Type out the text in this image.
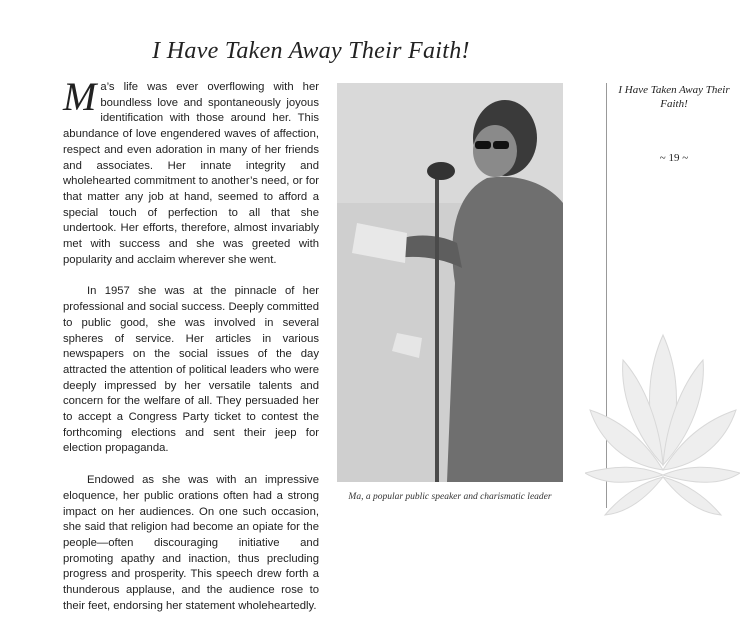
I Have Taken Away Their Faith!

Ma’s life was ever overflowing with her boundless love and spontaneously joyous identification with those around her. This abundance of love engendered waves of affection, respect and even adoration in many of her friends and associates. Her innate integrity and wholehearted commitment to another’s need, or for that matter any job at hand, seemed to afford a special touch of perfection to all that she undertook. Her efforts, therefore, almost invariably met with success and she was greeted with popularity and acclaim wherever she went.

In 1957 she was at the pinnacle of her professional and social success. Deeply committed to public good, she was involved in several spheres of service. Her articles in various newspapers on the social issues of the day attracted the attention of political leaders who were deeply impressed by her versatile talents and concern for the welfare of all. They persuaded her to accept a Congress Party ticket to contest the forthcoming elections and sent their jeep for election propaganda.

Endowed as she was with an impressive eloquence, her public orations often had a strong impact on her audiences. On one such occasion, she said that religion had become an opiate for the people—often discouraging initiative and promoting apathy and inaction, thus precluding progress and prosperity. This speech drew forth a thunderous applause, and the audience rose to their feet, endorsing her statement wholeheartedly.

Ma, a popular public speaker and charismatic leader
I Have Taken Away Their Faith!
~ 19 ~
